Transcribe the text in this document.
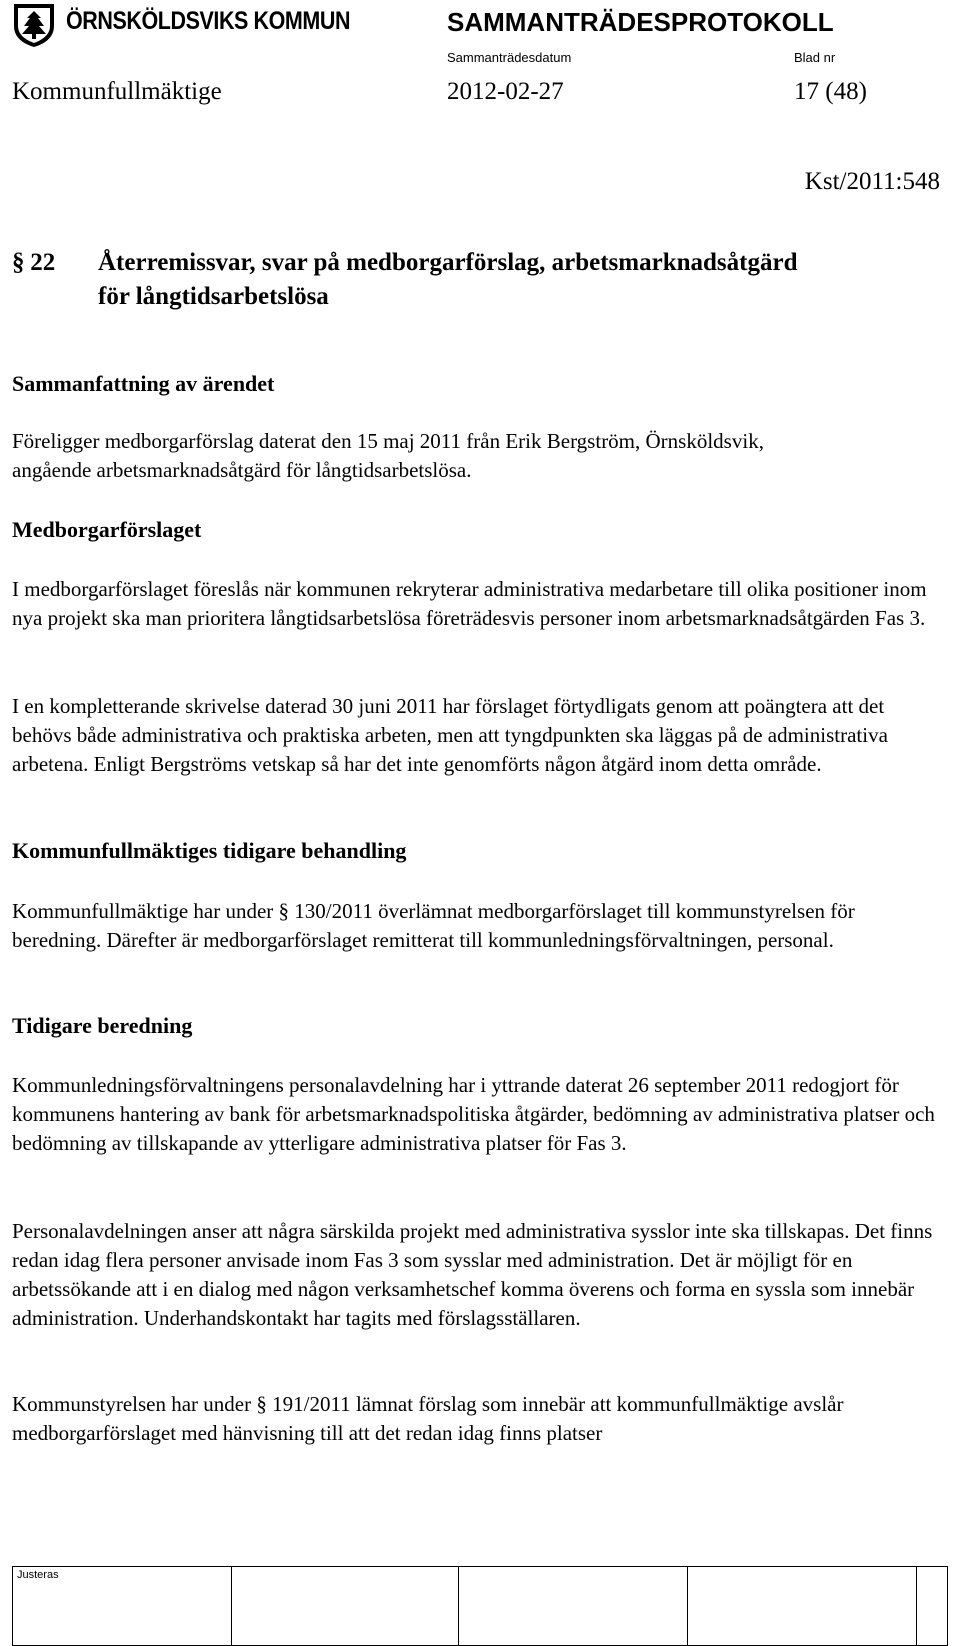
ÖRNSKÖLDSVIKS KOMMUN	SAMMANTRÄDESPROTOKOLL
Sammanträdesdatum	Blad nr
Kommunfullmäktige	2012-02-27	17 (48)
Kst/2011:548
§ 22 Återremissvar, svar på medborgarförslag, arbetsmarknadsåtgärd
för långtidsarbetslösa
Sammanfattning av ärendet

Föreligger medborgarförslag daterat den 15 maj 2011 från Erik Bergström, Örnsköldsvik, angående arbetsmarknadsåtgärd för långtidsarbetslösa.

Medborgarförslaget

I medborgarförslaget föreslås när kommunen rekryterar administrativa medarbetare till olika positioner inom nya projekt ska man prioritera långtidsarbetslösa företrädesvis personer inom arbetsmarknadsåtgärden Fas 3.

I en kompletterande skrivelse daterad 30 juni 2011 har förslaget förtydligats genom att poängtera att det behövs både administrativa och praktiska arbeten, men att tyngdpunkten ska läggas på de administrativa arbetena. Enligt Bergströms vetskap så har det inte genomförts någon åtgärd inom detta område.

Kommunfullmäktiges tidigare behandling

Kommunfullmäktige har under § 130/2011 överlämnat medborgarförslaget till kommunstyrelsen för beredning. Därefter är medborgarförslaget remitterat till kommunledningsförvaltningen, personal.

Tidigare beredning

Kommunledningsförvaltningens personalavdelning har i yttrande daterat 26 september 2011 redogjort för kommunens hantering av bank för arbetsmarknadspolitiska åtgärder, bedömning av administrativa platser och bedömning av tillskapande av ytterligare administrativa platser för Fas 3.

Personalavdelningen anser att några särskilda projekt med administrativa sysslor inte ska tillskapas. Det finns redan idag flera personer anvisade inom Fas 3 som sysslar med administration. Det är möjligt för en arbetssökande att i en dialog med någon verksamhetschef komma överens och forma en syssla som innebär administration. Underhandskontakt har tagits med förslagsställaren.

Kommunstyrelsen har under § 191/2011 lämnat förslag som innebär att kommunfullmäktige avslår medborgarförslaget med hänvisning till att det redan idag finns platser

Justeras				
